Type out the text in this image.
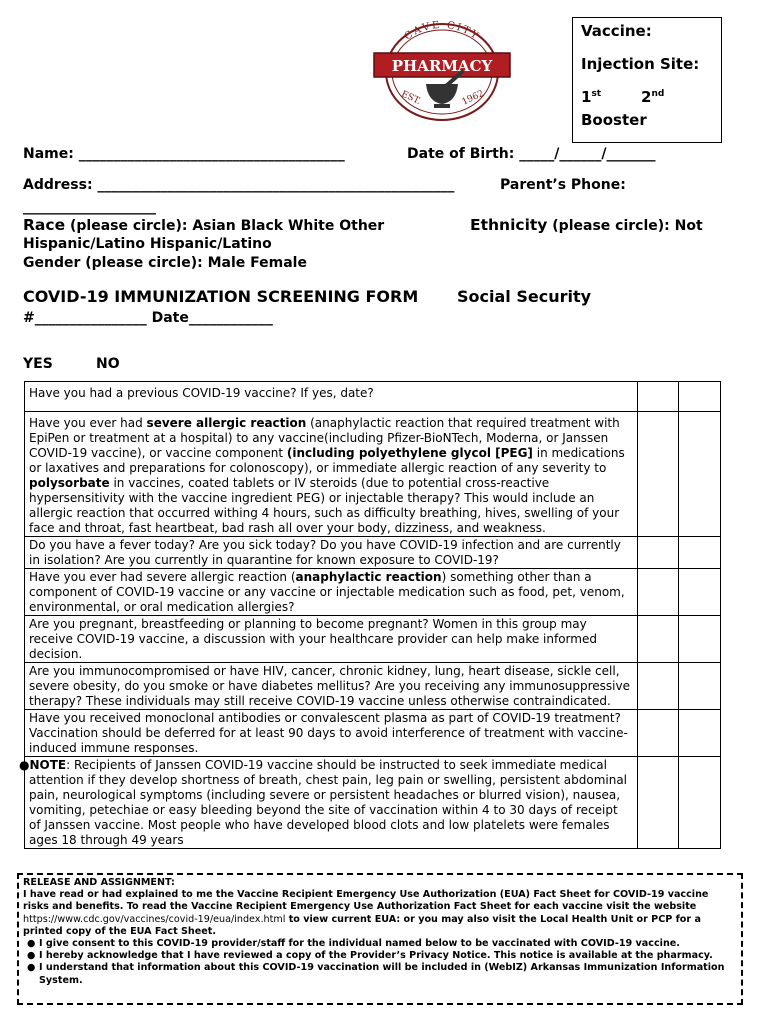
CAVE CITY
PHARMACY
EST.	1962
Vaccine:
Injection Site:
1st	2nd
Booster
Name: ______________________________________	Date of Birth: _____/______/_______
Address: ___________________________________________________	Parent’s Phone:
___________________
Race (please circle): Asian Black White Other	Ethnicity (please circle): Not
Hispanic/Latino Hispanic/Latino
Gender (please circle): Male Female
COVID-19 IMMUNIZATION SCREENING FORM Social Security
#________________ Date____________
YES	NO
Have you had a previous COVID-19 vaccine? If yes, date?		
Have you ever had severe allergic reaction (anaphylactic reaction that required treatment with EpiPen or treatment at a hospital) to any vaccine(including Pfizer-BioNTech, Moderna, or Janssen COVID-19 vaccine), or vaccine component (including polyethylene glycol [PEG] in medications or laxatives and preparations for colonoscopy), or immediate allergic reaction of any severity to polysorbate in vaccines, coated tablets or IV steroids (due to potential cross-reactive hypersensitivity with the vaccine ingredient PEG) or injectable therapy? This would include an allergic reaction that occurred withing 4 hours, such as difficulty breathing, hives, swelling of your face and throat, fast heartbeat, bad rash all over your body, dizziness, and weakness.		
Do you have a fever today? Are you sick today? Do you have COVID-19 infection and are currently in isolation? Are you currently in quarantine for known exposure to COVID-19?		
Have you ever had severe allergic reaction (anaphylactic reaction) something other than a component of COVID-19 vaccine or any vaccine or injectable medication such as food, pet, venom, environmental, or oral medication allergies?		
Are you pregnant, breastfeeding or planning to become pregnant? Women in this group may receive COVID-19 vaccine, a discussion with your healthcare provider can help make informed decision.		
Are you immunocompromised or have HIV, cancer, chronic kidney, lung, heart disease, sickle cell, severe obesity, do you smoke or have diabetes mellitus? Are you receiving any immunosuppressive therapy? These individuals may still receive COVID-19 vaccine unless otherwise contraindicated.		
Have you received monoclonal antibodies or convalescent plasma as part of COVID-19 treatment? Vaccination should be deferred for at least 90 days to avoid interference of treatment with vaccine-induced immune responses.		
●NOTE: Recipients of Janssen COVID-19 vaccine should be instructed to seek immediate medical attention if they develop shortness of breath, chest pain, leg pain or swelling, persistent abdominal pain, neurological symptoms (including severe or persistent headaches or blurred vision), nausea, vomiting, petechiae or easy bleeding beyond the site of vaccination within 4 to 30 days of receipt of Janssen vaccine. Most people who have developed blood clots and low platelets were females ages 18 through 49 years		
RELEASE AND ASSIGNMENT:
I have read or had explained to me the Vaccine Recipient Emergency Use Authorization (EUA) Fact Sheet for COVID-19 vaccine risks and benefits. To read the Vaccine Recipient Emergency Use Authorization Fact Sheet for each vaccine visit the website https://www.cdc.gov/vaccines/covid-19/eua/index.html to view current EUA: or you may also visit the Local Health Unit or PCP for a printed copy of the EUA Fact Sheet.
● I give consent to this COVID-19 provider/staff for the individual named below to be vaccinated with COVID-19 vaccine.
● I hereby acknowledge that I have reviewed a copy of the Provider’s Privacy Notice. This notice is available at the pharmacy.
● I understand that information about this COVID-19 vaccination will be included in (WebIZ) Arkansas Immunization Information System.
